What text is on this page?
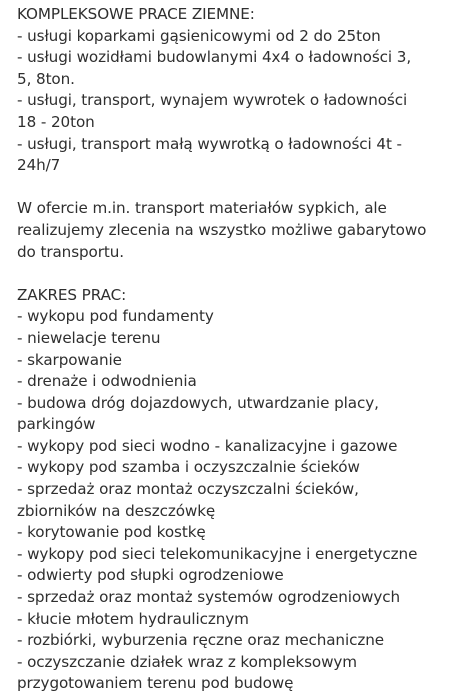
KOMPLEKSOWE PRACE ZIEMNE:
- usługi koparkami gąsienicowymi od 2 do 25ton
- usługi wozidłami budowlanymi 4x4 o ładowności 3,
5, 8ton.
- usługi, transport, wynajem wywrotek o ładowności
18 - 20ton
- usługi, transport małą wywrotką o ładowności 4t -
24h/7
W ofercie m.in. transport materiałów sypkich, ale
realizujemy zlecenia na wszystko możliwe gabarytowo
do transportu.
ZAKRES PRAC:
- wykopu pod fundamenty
- niewelacje terenu
- skarpowanie
- drenaże i odwodnienia
- budowa dróg dojazdowych, utwardzanie placy,
parkingów
- wykopy pod sieci wodno - kanalizacyjne i gazowe
- wykopy pod szamba i oczyszczalnie ścieków
- sprzedaż oraz montaż oczyszczalni ścieków,
zbiorników na deszczówkę
- korytowanie pod kostkę
- wykopy pod sieci telekomunikacyjne i energetyczne
- odwierty pod słupki ogrodzeniowe
- sprzedaż oraz montaż systemów ogrodzeniowych
- kłucie młotem hydraulicznym
- rozbiórki, wyburzenia ręczne oraz mechaniczne
- oczyszczanie działek wraz z kompleksowym
przygotowaniem terenu pod budowę
